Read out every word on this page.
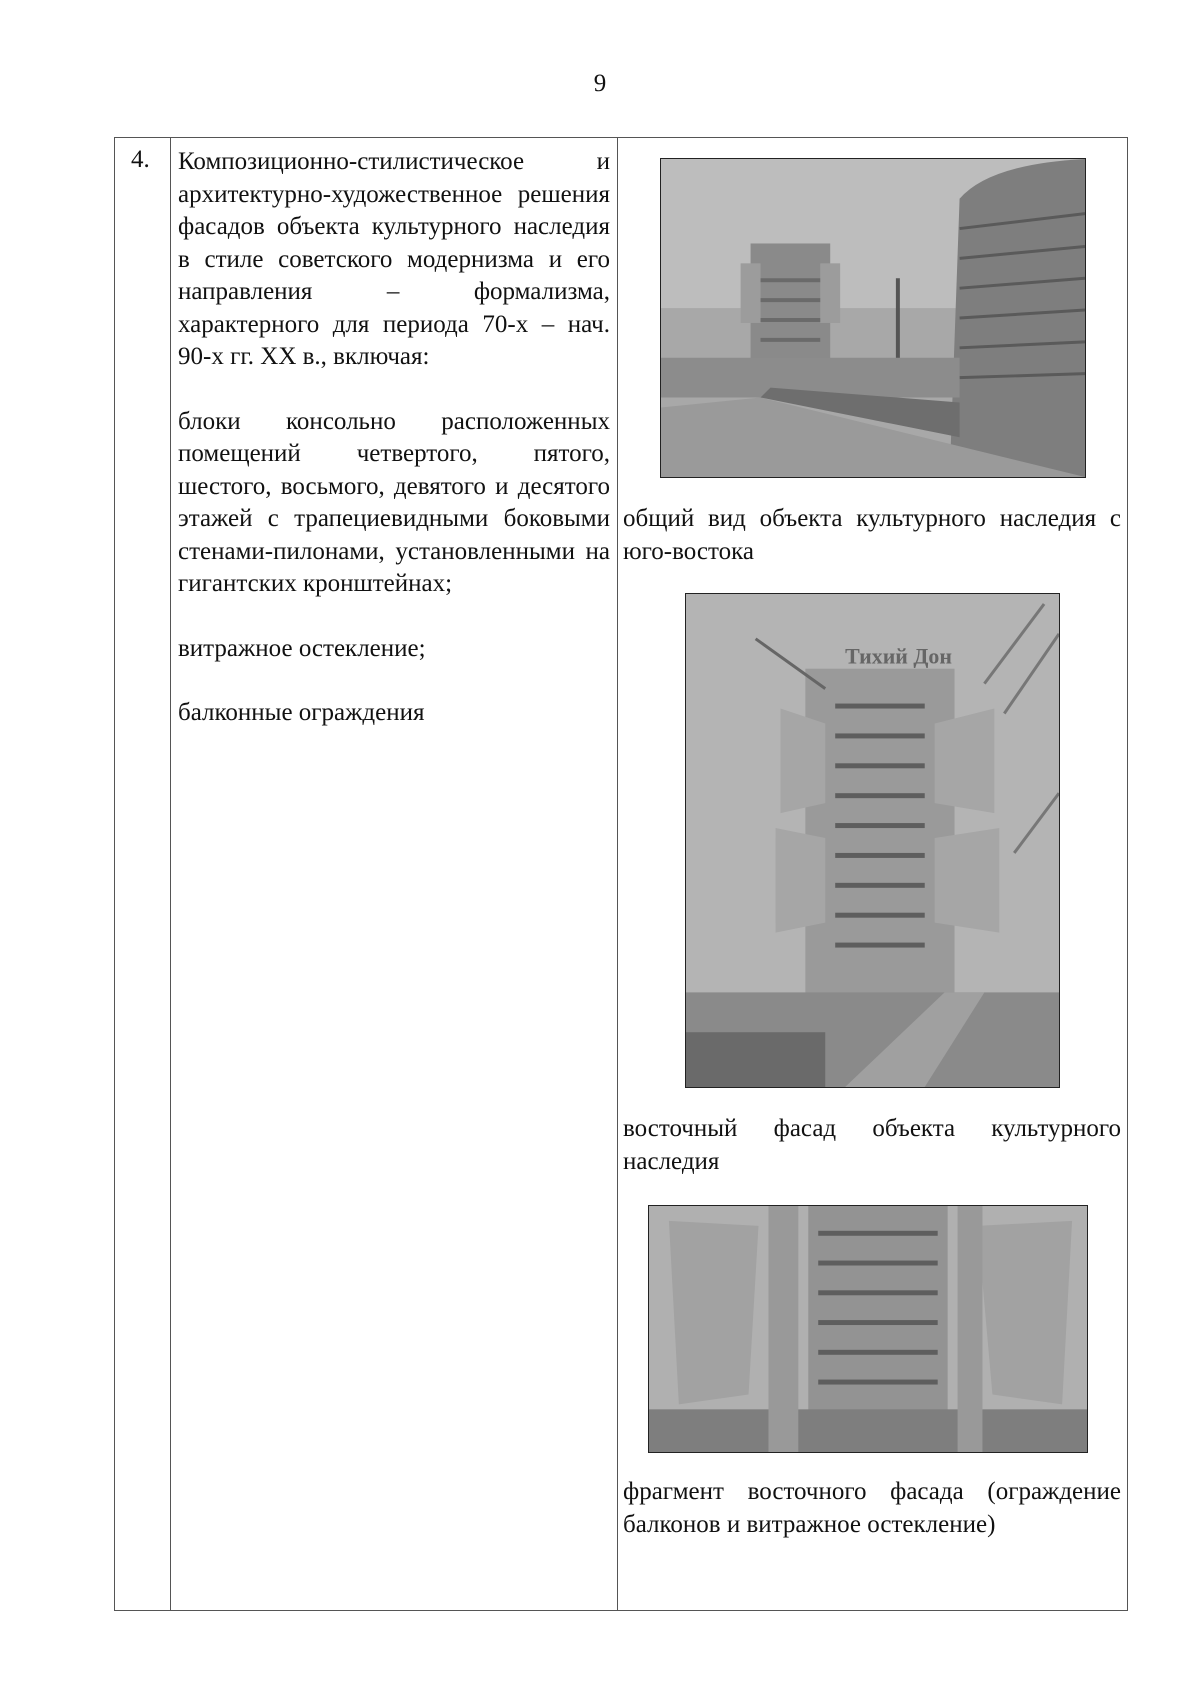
9
4. Композиционно-стилистическое и архитектурно-художественное решения фасадов объекта культурного наследия в стиле советского модернизма и его направления – формализма, характерного для периода 70-х – нач. 90-х гг. XX в., включая:

блоки консольно расположенных помещений четвертого, пятого, шестого, восьмого, девятого и десятого этажей с трапециевидными боковыми стенами-пилонами, установленными на гигантских кронштейнах;

витражное остекление;

балконные ограждения

общий вид объекта культурного наследия с юго-востока
Тихий Дон
восточный фасад объекта культурного наследия
фрагмент восточного фасада (ограждение балконов и витражное остекление)
